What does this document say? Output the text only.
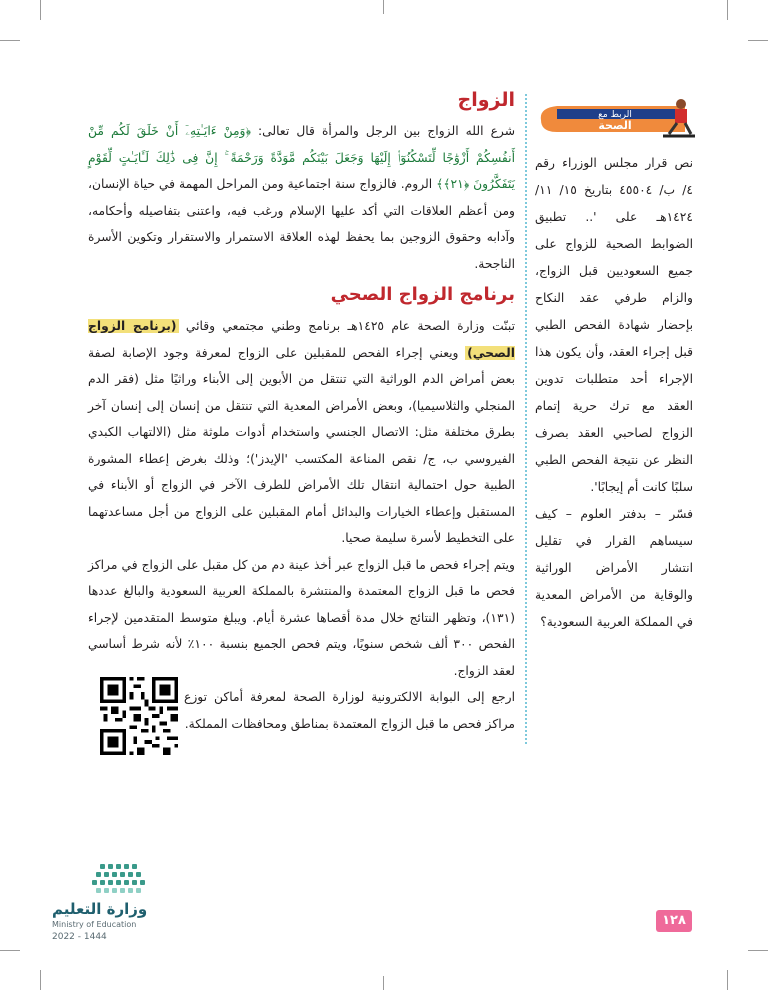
الزواج

شرع الله الزواج بين الرجل والمرأة قال تعالى: ﴿وَمِنْ ءَايَـٰتِهِۦٓ أَنْ خَلَقَ لَكُم مِّنْ أَنفُسِكُمْ أَزْوَٰجًا لِّتَسْكُنُوٓا۟ إِلَيْهَا وَجَعَلَ بَيْنَكُم مَّوَدَّةً وَرَحْمَةً ۚ إِنَّ فِى ذَٰلِكَ لَـَٔايَـٰتٍ لِّقَوْمٍ يَتَفَكَّرُونَ ﴿٢١﴾﴾ الروم. فالزواج سنة اجتماعية ومن المراحل المهمة في حياة الإنسان، ومن أعظم العلاقات التي أكد عليها الإسلام ورغب فيه، واعتنى بتفاصيله وأحكامه، وآدابه وحقوق الزوجين بما يحفظ لهذه العلاقة الاستمرار والاستقرار وتكوين الأسرة الناجحة.

برنامج الزواج الصحي

تبنّت وزارة الصحة عام ١٤٢٥هـ برنامج وطني مجتمعي وقائي (برنامج الزواج الصحي) ويعني إجراء الفحص للمقبلين على الزواج لمعرفة وجود الإصابة لصفة بعض أمراض الدم الوراثية التي تنتقل من الأبوين إلى الأبناء وراثيًا مثل (فقر الدم المنجلي والثلاسيميا)، وبعض الأمراض المعدية التي تنتقل من إنسان إلى إنسان آخر بطرق مختلفة مثل: الاتصال الجنسي واستخدام أدوات ملوثة مثل (الالتهاب الكبدي الفيروسي ب، ج/ نقص المناعة المكتسب 'الإيدز')؛ وذلك بغرض إعطاء المشورة الطبية حول احتمالية انتقال تلك الأمراض للطرف الآخر في الزواج أو الأبناء في المستقبل وإعطاء الخيارات والبدائل أمام المقبلين على الزواج من أجل مساعدتهما على التخطيط لأسرة سليمة صحيا.

ويتم إجراء فحص ما قبل الزواج عبر أخذ عينة دم من كل مقبل على الزواج في مراكز فحص ما قبل الزواج المعتمدة والمنتشرة بالمملكة العربية السعودية والبالغ عددها (١٣١)، وتظهر النتائج خلال مدة أقصاها عشرة أيام. ويبلغ متوسط المتقدمين لإجراء الفحص ٣٠٠ ألف شخص سنويًا، ويتم فحص الجميع بنسبة ١٠٠٪ لأنه شرط أساسي لعقد الزواج.

ارجع إلى البوابة الالكترونية لوزارة الصحة لمعرفة أماكن توزع مراكز فحص ما قبل الزواج المعتمدة بمناطق ومحافظات المملكة.

الربط مع
الصحة

نص قرار مجلس الوزراء رقم ٤/ ب/ ٤٥٥٠٤ بتاريخ ١٥/ ١١/ ١٤٢٤هـ على '.. تطبيق الضوابط الصحية للزواج على جميع السعوديين قبل الزواج، والزام طرفي عقد النكاح بإحضار شهادة الفحص الطبي قبل إجراء العقد، وأن يكون هذا الإجراء أحد متطلبات تدوين العقد مع ترك حرية إتمام الزواج لصاحبي العقد بصرف النظر عن نتيجة الفحص الطبي سلبًا كانت أم إيجابًا'.

فسّر – بدفتر العلوم – كيف سيساهم القرار في تقليل انتشار الأمراض الوراثية والوقاية من الأمراض المعدية في المملكة العربية السعودية؟

وزارة التعليم
Ministry of Education
2022 - 1444
١٢٨
